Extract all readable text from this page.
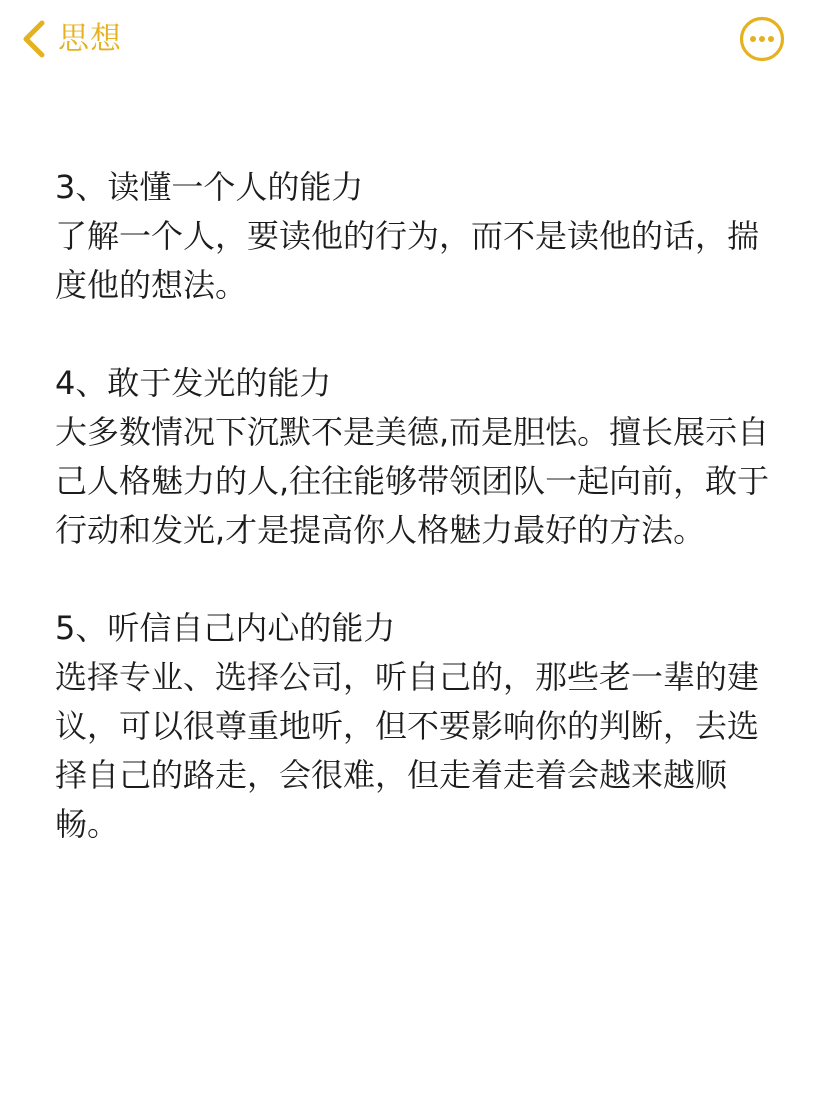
思想
3、读懂一个人的能力
了解一个人，要读他的行为，而不是读他的话，揣度他的想法。
4、敢于发光的能力
大多数情况下沉默不是美德,而是胆怯。擅长展示自己人格魅力的人,往往能够带领团队一起向前，敢于行动和发光,才是提高你人格魅力最好的方法。
5、听信自己内心的能力
选择专业、选择公司，听自己的，那些老一辈的建议，可以很尊重地听，但不要影响你的判断，去选择自己的路走，会很难，但走着走着会越来越顺畅。
